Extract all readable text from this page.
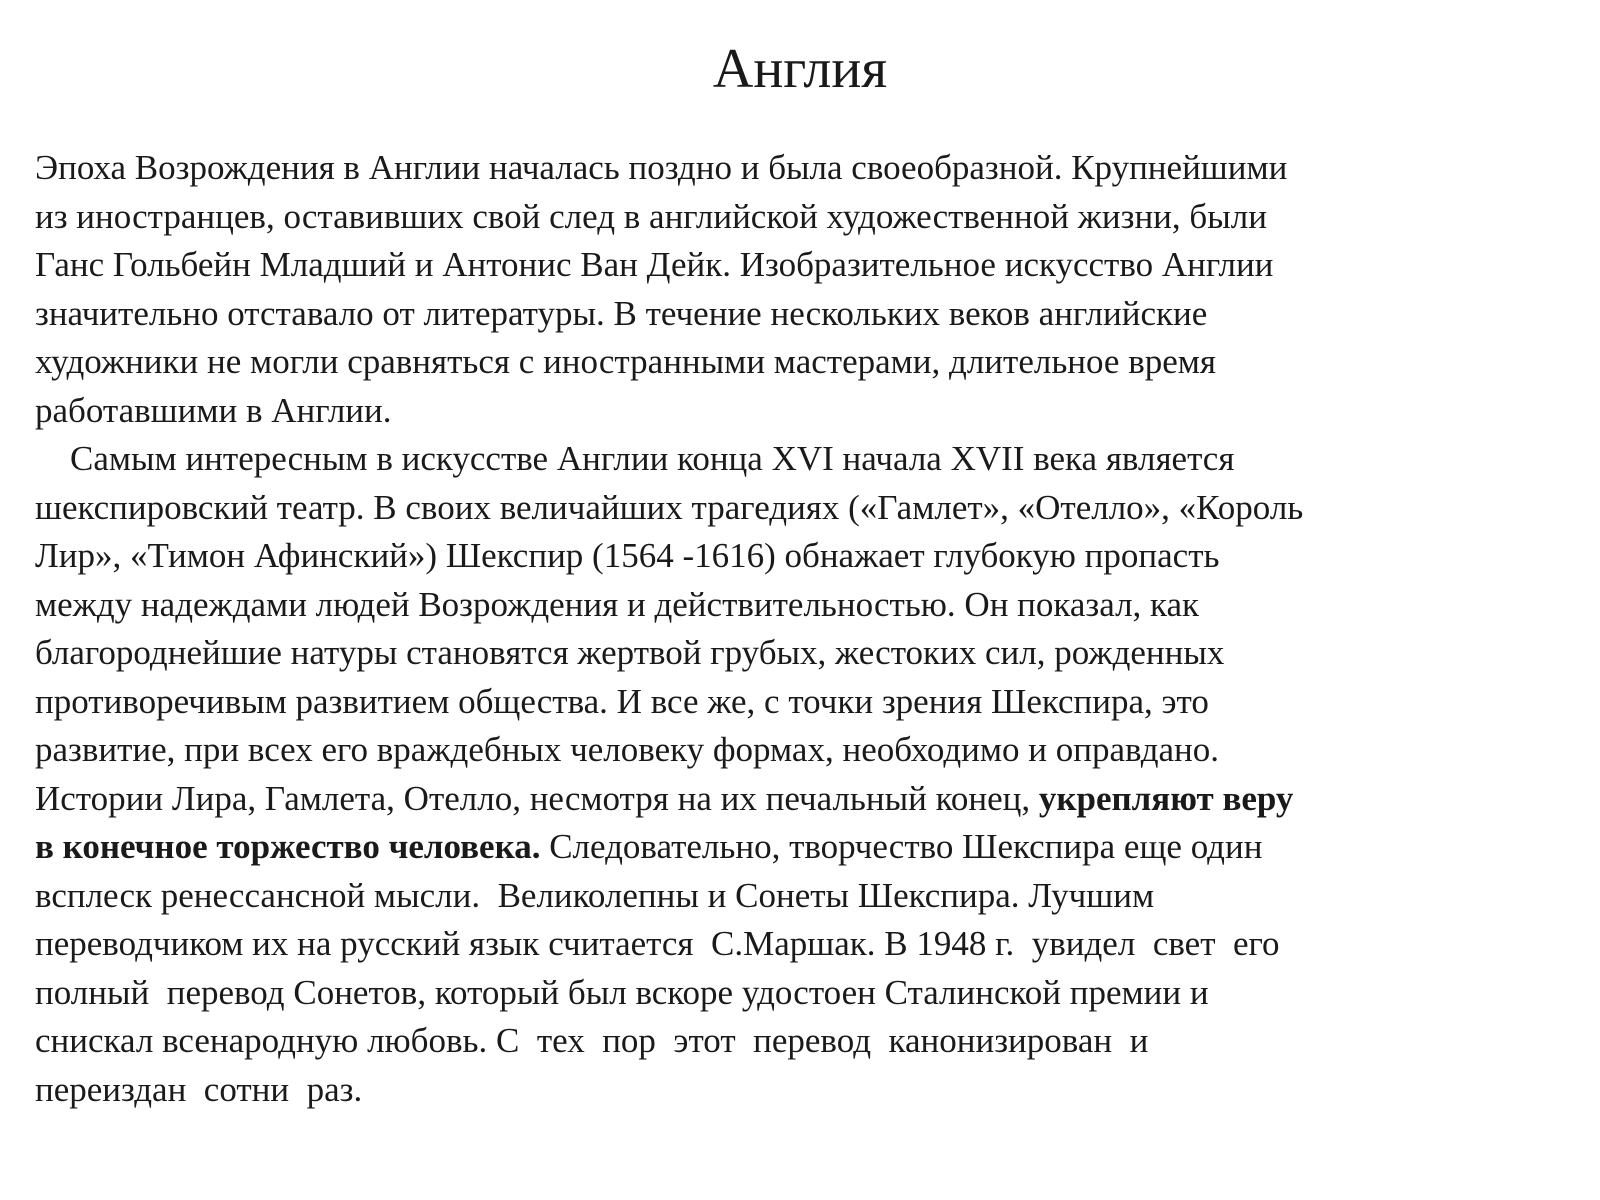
Англия
Эпоха Возрождения в Англии началась поздно и была своеобразной. Крупнейшими
из иностранцев, оставивших свой след в английской художественной жизни, были
Ганс Гольбейн Младший и Антонис Ван Дейк. Изобразительное искусство Англии
значительно отставало от литературы. В течение нескольких веков английские
художники не могли сравняться с иностранными мастерами, длительное время
работавшими в Англии.
Самым интересным в искусстве Англии конца XVI начала XVII века является
шекспировский театр. В своих величайших трагедиях («Гамлет», «Отелло», «Король
Лир», «Тимон Афинский») Шекспир (1564 -1616) обнажает глубокую пропасть
между надеждами людей Возрождения и действительностью. Он показал, как
благороднейшие натуры становятся жертвой грубых, жестоких сил, рожденных
противоречивым развитием общества. И все же, с точки зрения Шекспира, это
развитие, при всех его враждебных человеку формах, необходимо и оправдано.
Истории Лира, Гамлета, Отелло, несмотря на их печальный конец, укрепляют веру
в конечное торжество человека. Следовательно, творчество Шекспира еще один
всплеск ренессансной мысли.  Великолепны и Сонеты Шекспира. Лучшим
переводчиком их на русский язык считается  С.Маршак. В 1948 г.  увидел  свет  его
полный  перевод Сонетов, который был вскоре удостоен Сталинской премии и
снискал всенародную любовь. С  тех  пор  этот  перевод  канонизирован  и
переиздан  сотни  раз.
